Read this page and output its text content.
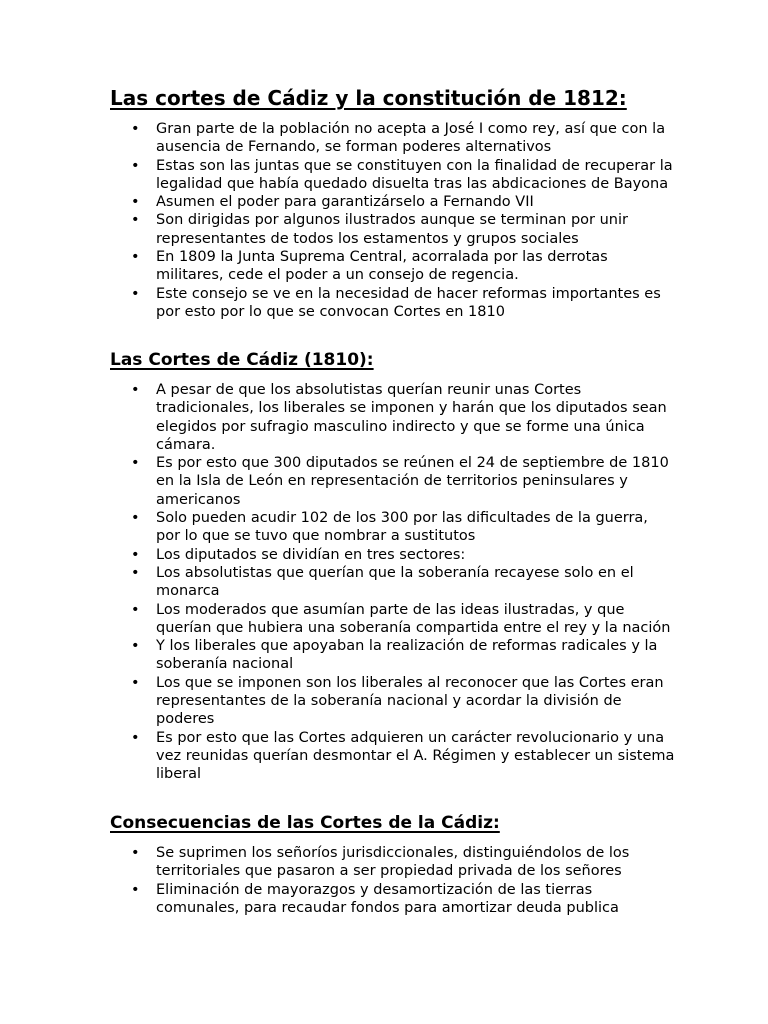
Las cortes de Cádiz y la constitución de 1812:
• Gran parte de la población no acepta a José I como rey, así que con la ausencia de Fernando, se forman poderes alternativos
• Estas son las juntas que se constituyen con la finalidad de recuperar la legalidad que había quedado disuelta tras las abdicaciones de Bayona
• Asumen el poder para garantizárselo a Fernando VII
• Son dirigidas por algunos ilustrados aunque se terminan por unir representantes de todos los estamentos y grupos sociales
• En 1809 la Junta Suprema Central, acorralada por las derrotas militares, cede el poder a un consejo de regencia.
• Este consejo se ve en la necesidad de hacer reformas importantes es por esto por lo que se convocan Cortes en 1810
Las Cortes de Cádiz (1810):
• A pesar de que los absolutistas querían reunir unas Cortes tradicionales, los liberales se imponen y harán que los diputados sean elegidos por sufragio masculino indirecto y que se forme una única cámara.
• Es por esto que 300 diputados se reúnen el 24 de septiembre de 1810 en la Isla de León en representación de territorios peninsulares y americanos
• Solo pueden acudir 102 de los 300 por las dificultades de la guerra, por lo que se tuvo que nombrar a sustitutos
• Los diputados se dividían en tres sectores:
• Los absolutistas que querían que la soberanía recayese solo en el monarca
• Los moderados que asumían parte de las ideas ilustradas, y que querían que hubiera una soberanía compartida entre el rey y la nación
• Y los liberales que apoyaban la realización de reformas radicales y la soberanía nacional
• Los que se imponen son los liberales al reconocer que las Cortes eran representantes de la soberanía nacional y acordar la división de poderes
• Es por esto que las Cortes adquieren un carácter revolucionario y una vez reunidas querían desmontar el A. Régimen y establecer un sistema liberal
Consecuencias de las Cortes de la Cádiz:
• Se suprimen los señoríos jurisdiccionales, distinguiéndolos de los territoriales que pasaron a ser propiedad privada de los señores
• Eliminación de mayorazgos y desamortización de las tierras comunales, para recaudar fondos para amortizar deuda publica
